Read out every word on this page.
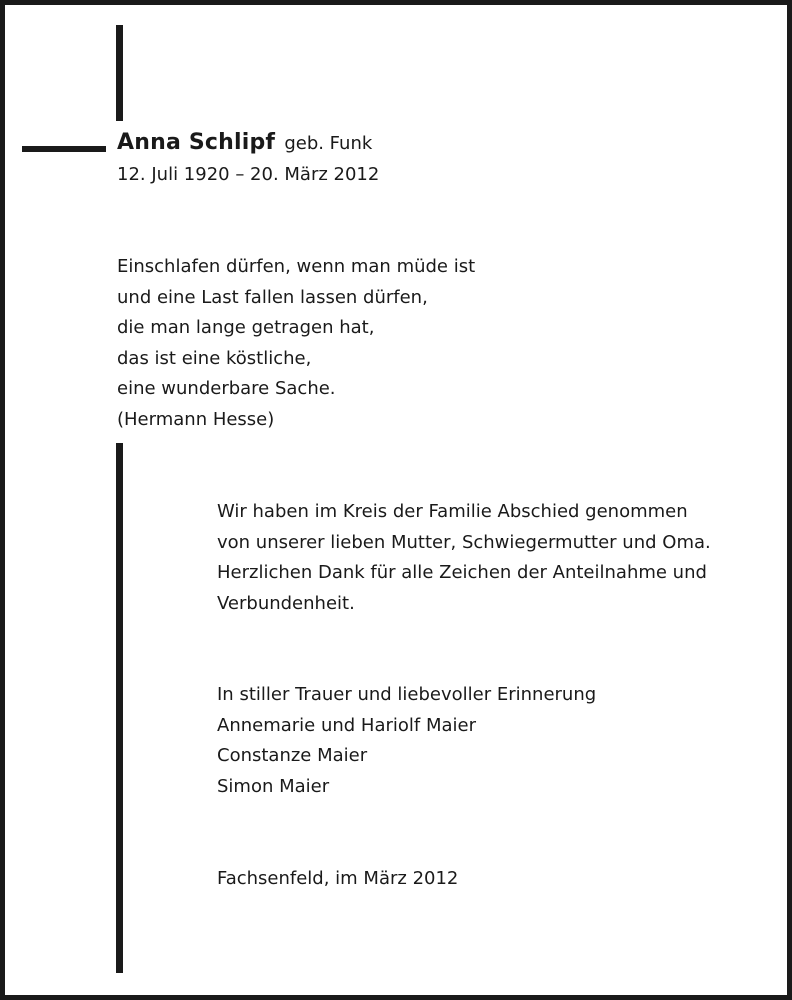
Anna Schlipf geb. Funk
12. Juli 1920 – 20. März 2012
Einschlafen dürfen, wenn man müde ist
und eine Last fallen lassen dürfen,
die man lange getragen hat,
das ist eine köstliche,
eine wunderbare Sache.
(Hermann Hesse)
Wir haben im Kreis der Familie Abschied genommen
von unserer lieben Mutter, Schwiegermutter und Oma.
Herzlichen Dank für alle Zeichen der Anteilnahme und
Verbundenheit.
In stiller Trauer und liebevoller Erinnerung
Annemarie und Hariolf Maier
Constanze Maier
Simon Maier
Fachsenfeld, im März 2012
